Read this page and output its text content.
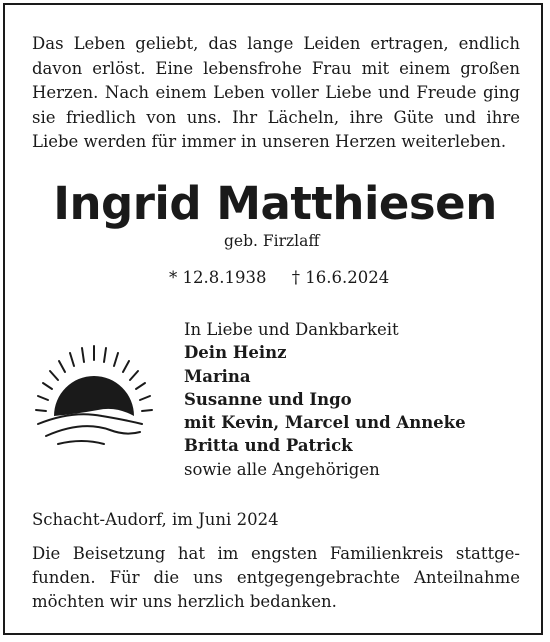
Das Leben geliebt, das lange Leiden ertragen, endlich davon erlöst. Eine lebensfrohe Frau mit einem großen Herzen. Nach einem Leben voller Liebe und Freude ging sie friedlich von uns. Ihr Lächeln, ihre Güte und ihre Liebe werden für immer in unseren Herzen weiterleben.

Ingrid Matthiesen
geb. Firzlaff
* 12.8.1938 † 16.6.2024
In Liebe und Dankbarkeit
Dein Heinz
Marina
Susanne und Ingo
mit Kevin, Marcel und Anneke
Britta und Patrick
sowie alle Angehörigen
Schacht-Audorf, im Juni 2024

Die Beisetzung hat im engsten Familienkreis stattge- funden. Für die uns entgegengebrachte Anteilnahme möchten wir uns herzlich bedanken.
